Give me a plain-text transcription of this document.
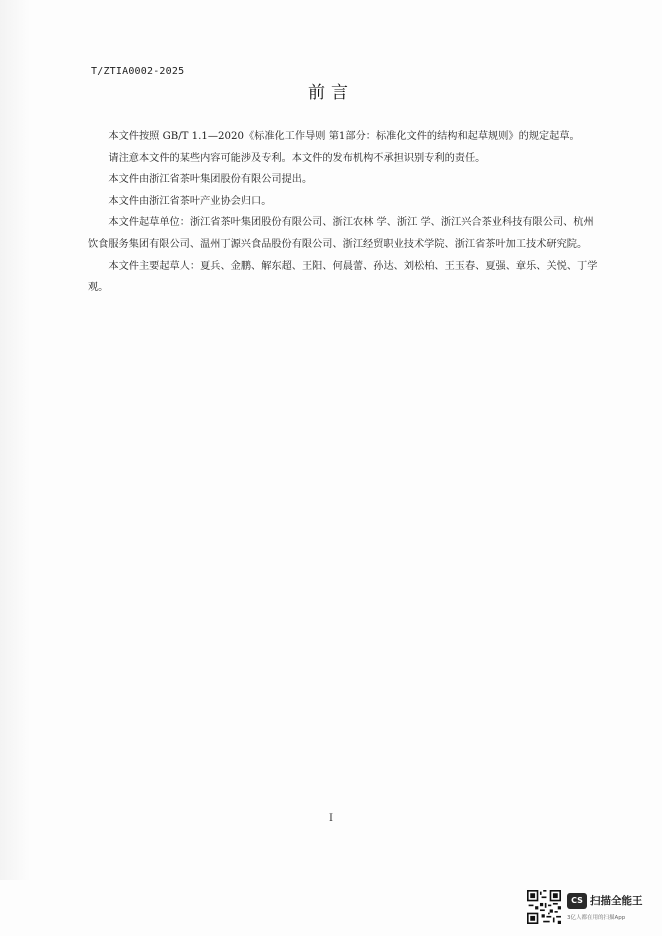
T/ZTIA0002-2025
前言

本文件按照 GB/T 1.1—2020《标准化工作导则 第1部分：标准化文件的结构和起草规则》的规定起草。

请注意本文件的某些内容可能涉及专利。本文件的发布机构不承担识别专利的责任。

本文件由浙江省茶叶集团股份有限公司提出。

本文件由浙江省茶叶产业协会归口。

本文件起草单位：浙江省茶叶集团股份有限公司、浙江农林 学、浙江 学、浙江兴合茶业科技有限公司、杭州饮食服务集团有限公司、温州丁源兴食品股份有限公司、浙江经贸职业技术学院、浙江省茶叶加工技术研究院。

本文件主要起草人：夏兵、金鹏、解东超、王阳、何晨蕾、孙达、刘松柏、王玉春、夏强、章乐、关悦、丁学观。

I
CS 扫描全能王
3亿人都在用的扫描App
